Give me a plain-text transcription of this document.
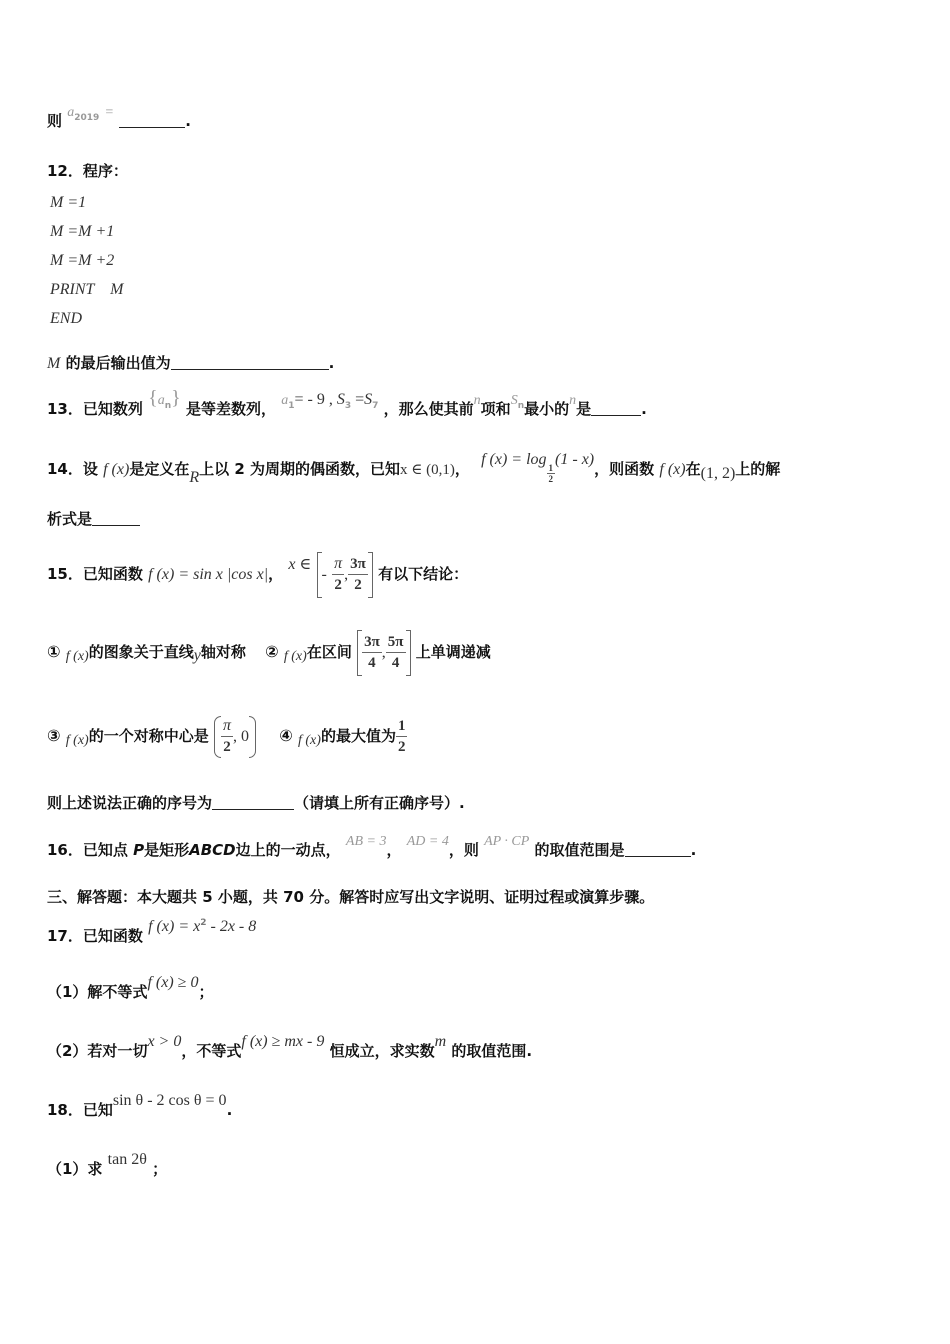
则 $a_{2019}$ =	.
12．程序：
M =1
M =M +1
M =M +2
PRINT    M
END
M 的最后输出值为	.
13．已知数列 $\{a_n\}$ 是等差数列， $a_1= - 9$ , $S_3 =S_7$ ，那么使其前n项和$S_n$最小的n是	.
14．设 f (x)是定义在R上以 2 为周期的偶函数，已知x ∈ (0,1)， f (x) = log
$\frac{1}{2}$
(1 - x)，则函数 f (x)在(1, 2)上的解
析式是
15．已知函数 f (x) = sin x |cos x|， x ∈ - $\frac{\pi}{2}$ , $\frac{3\pi}{2}$ 有以下结论：
① f (x)的图象关于直线y轴对称 ② f (x)在区间 $\frac{3\pi}{4}$ , $\frac{5\pi}{4}$ 上单调递减
③ f (x)的一个对称中心是 $\frac{\pi}{2}$ , 0 ④ f (x)的最大值为 $\frac{1}{2}$
则上述说法正确的序号为	（请填上所有正确序号）.
16．已知点 P是矩形ABCD边上的一动点， AB = 3， AD = 4，则 AP · CP 的取值范围是	.
三、解答题：本大题共 5 小题，共 70 分。解答时应写出文字说明、证明过程或演算步骤。
17．已知函数 f $(x) = x^2 - 2x - 8$
（1）解不等式f (x) ≥ 0；
（2）若对一切x > 0，不等式f (x) ≥ mx - 9 恒成立，求实数m 的取值范围.
18．已知sin θ - 2 cos θ = 0.
（1）求 tan 2θ ；
